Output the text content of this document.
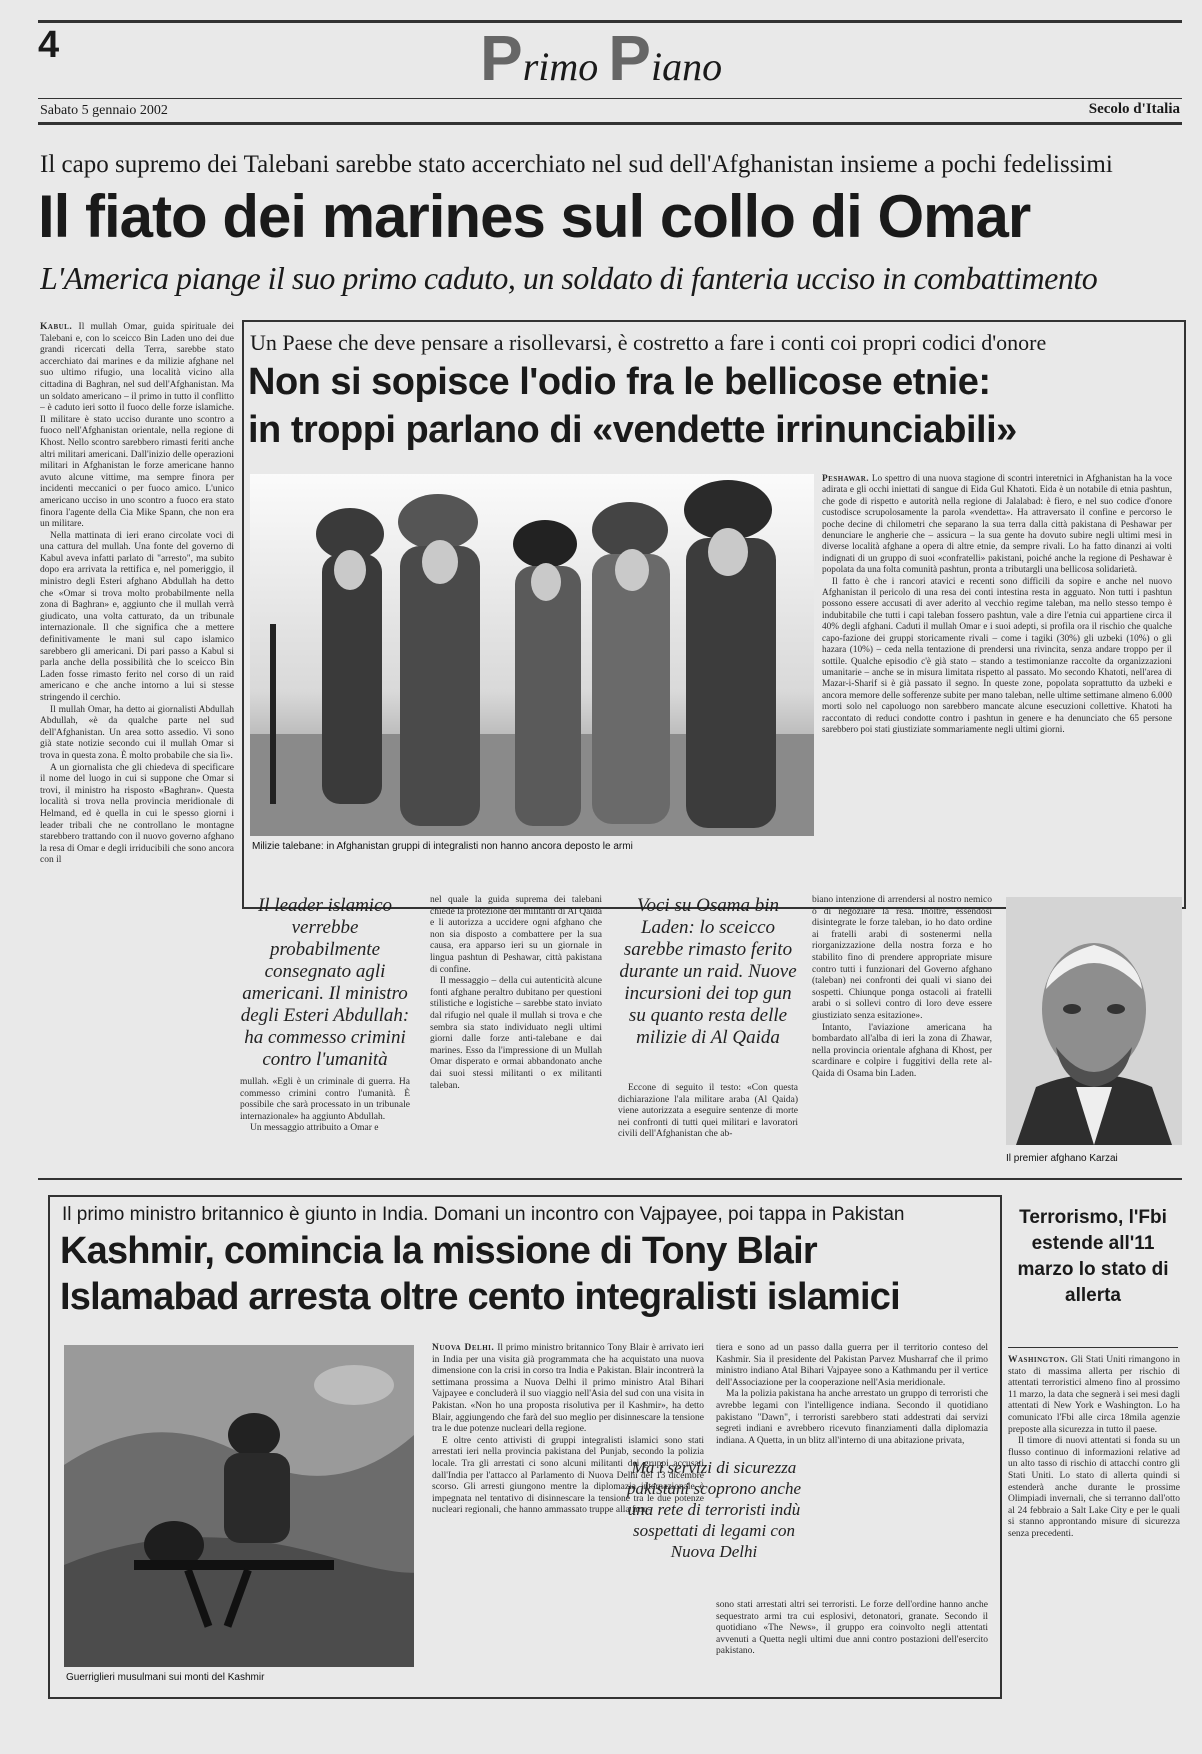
4	Primo Piano
Sabato 5 gennaio 2002	Secolo d'Italia
Il capo supremo dei Talebani sarebbe stato accerchiato nel sud dell'Afghanistan insieme a pochi fedelissimi
Il fiato dei marines sul collo di Omar
L'America piange il suo primo caduto, un soldato di fanteria ucciso in combattimento

Kabul. Il mullah Omar, guida spirituale dei Talebani e, con lo sceicco Bin Laden uno dei due grandi ricercati della Terra, sarebbe stato accerchiato dai marines e da milizie afghane nel suo ultimo rifugio, una località vicino alla cittadina di Baghran, nel sud dell'Afghanistan. Ma un soldato americano – il primo in tutto il conflitto – è caduto ieri sotto il fuoco delle forze islamiche. Il militare è stato ucciso durante uno scontro a fuoco nell'Afghanistan orientale, nella regione di Khost. Nello scontro sarebbero rimasti feriti anche altri militari americani. Dall'inizio delle operazioni militari in Afghanistan le forze americane hanno avuto alcune vittime, ma sempre finora per incidenti meccanici o per fuoco amico. L'unico americano ucciso in uno scontro a fuoco era stato finora l'agente della Cia Mike Spann, che non era un militare.

Nella mattinata di ieri erano circolate voci di una cattura del mullah. Una fonte del governo di Kabul aveva infatti parlato di "arresto", ma subito dopo era arrivata la rettifica e, nel pomeriggio, il ministro degli Esteri afghano Abdullah ha detto che «Omar si trova molto probabilmente nella zona di Baghran» e, aggiunto che il mullah verrà giudicato, una volta catturato, da un tribunale internazionale. Il che significa che a mettere definitivamente le mani sul capo islamico sarebbero gli americani. Di pari passo a Kabul si parla anche della possibilità che lo sceicco Bin Laden fosse rimasto ferito nel corso di un raid americano e che anche intorno a lui si stesse stringendo il cerchio.

Il mullah Omar, ha detto ai giornalisti Abdullah Abdullah, «è da qualche parte nel sud dell'Afghanistan. Un area sotto assedio. Vi sono già state notizie secondo cui il mullah Omar si trova in questa zona. È molto probabile che sia lì».

A un giornalista che gli chiedeva di specificare il nome del luogo in cui si suppone che Omar si trovi, il ministro ha risposto «Baghran». Questa località si trova nella provincia meridionale di Helmand, ed è quella in cui le spesso giorni i leader tribali che ne controllano le montagne starebbero trattando con il nuovo governo afghano la resa di Omar e degli irriducibili che sono ancora con il

Un Paese che deve pensare a risollevarsi, è costretto a fare i conti coi propri codici d'onore
Non si sopisce l'odio fra le bellicose etnie:
in troppi parlano di «vendette irrinunciabili»
Milizie talebane: in Afghanistan gruppi di integralisti non hanno ancora deposto le armi

Peshawar. Lo spettro di una nuova stagione di scontri interetnici in Afghanistan ha la voce adirata e gli occhi iniettati di sangue di Eida Gul Khatoti. Eida è un notabile di etnia pashtun, che gode di rispetto e autorità nella regione di Jalalabad: è fiero, e nel suo codice d'onore custodisce scrupolosamente la parola «vendetta». Ha attraversato il confine e percorso le poche decine di chilometri che separano la sua terra dalla città pakistana di Peshawar per denunciare le angherie che – assicura – la sua gente ha dovuto subire negli ultimi mesi in diverse località afghane a opera di altre etnie, da sempre rivali. Lo ha fatto dinanzi ai volti indignati di un gruppo di suoi «confratelli» pakistani, poiché anche la regione di Peshawar è popolata da una folta comunità pashtun, pronta a tributargli una bellicosa solidarietà.

Il fatto è che i rancori atavici e recenti sono difficili da sopire e anche nel nuovo Afghanistan il pericolo di una resa dei conti intestina resta in agguato. Non tutti i pashtun possono essere accusati di aver aderito al vecchio regime taleban, ma nello stesso tempo è indubitabile che tutti i capi taleban fossero pashtun, vale a dire l'etnia cui appartiene circa il 40% degli afghani. Caduti il mullah Omar e i suoi adepti, si profila ora il rischio che qualche capo-fazione dei gruppi storicamente rivali – come i tagiki (30%) gli uzbeki (10%) o gli hazara (10%) – ceda nella tentazione di prendersi una rivincita, senza andare troppo per il sottile. Qualche episodio c'è già stato – stando a testimonianze raccolte da organizzazioni umanitarie – anche se in misura limitata rispetto al passato. Mo secondo Khatoti, nell'area di Mazar-i-Sharif si è già passato il segno. In queste zone, popolata soprattutto da uzbeki e ancora memore delle sofferenze subite per mano taleban, nelle ultime settimane almeno 6.000 morti solo nel capoluogo non sarebbero mancate alcune esecuzioni collettive. Khatoti ha raccontato di reduci condotte contro i pashtun in genere e ha denunciato che 65 persone sarebbero poi stati giustiziate sommariamente negli ultimi giorni.

Il leader islamico verrebbe probabilmente consegnato agli americani. Il ministro degli Esteri Abdullah: ha commesso crimini contro l'umanità

mullah. «Egli è un criminale di guerra. Ha commesso crimini contro l'umanità. È possibile che sarà processato in un tribunale internazionale» ha aggiunto Abdullah.

Un messaggio attribuito a Omar e

nel quale la guida suprema dei talebani chiede la protezione dei militanti di Al Qaida e li autorizza a uccidere ogni afghano che non sia disposto a combattere per la sua causa, era apparso ieri su un giornale in lingua pashtun di Peshawar, città pakistana di confine.

Il messaggio – della cui autenticità alcune fonti afghane peraltro dubitano per questioni stilistiche e logistiche – sarebbe stato inviato dal rifugio nel quale il mullah si trova e che sembra sia stato individuato negli ultimi giorni dalle forze anti-talebane e dai marines. Esso da l'impressione di un Mullah Omar disperato e ormai abbandonato anche dai suoi stessi militanti o ex militanti taleban.

Voci su Osama bin Laden: lo sceicco sarebbe rimasto ferito durante un raid. Nuove incursioni dei top gun su quanto resta delle milizie di Al Qaida

Eccone di seguito il testo: «Con questa dichiarazione l'ala militare araba (Al Qaida) viene autorizzata a eseguire sentenze di morte nei confronti di tutti quei militari e lavoratori civili dell'Afghanistan che ab-

biano intenzione di arrendersi al nostro nemico o di negoziare la resa. Inoltre, essendosi disintegrate le forze taleban, io ho dato ordine ai fratelli arabi di sostenermi nella riorganizzazione della nostra forza e ho stabilito fino di prendere appropriate misure contro tutti i funzionari del Governo afghano (taleban) nei confronti dei quali vi siano dei sospetti. Chiunque ponga ostacoli ai fratelli arabi o si sollevi contro di loro deve essere giustiziato senza esitazione».

Intanto, l'aviazione americana ha bombardato all'alba di ieri la zona di Zhawar, nella provincia orientale afghana di Khost, per scardinare e colpire i fuggitivi della rete al-Qaida di Osama bin Laden.

Il premier afghano Karzai
Il primo ministro britannico è giunto in India. Domani un incontro con Vajpayee, poi tappa in Pakistan
Kashmir, comincia la missione di Tony Blair
Islamabad arresta oltre cento integralisti islamici
Guerriglieri musulmani sui monti del Kashmir

Nuova Delhi. Il primo ministro britannico Tony Blair è arrivato ieri in India per una visita già programmata che ha acquistato una nuova dimensione con la crisi in corso tra India e Pakistan. Blair incontrerà la settimana prossima a Nuova Delhi il primo ministro Atal Bihari Vajpayee e concluderà il suo viaggio nell'Asia del sud con una visita in Pakistan. «Non ho una proposta risolutiva per il Kashmir», ha detto Blair, aggiungendo che farà del suo meglio per disinnescare la tensione tra le due potenze nucleari della regione.

E oltre cento attivisti di gruppi integralisti islamici sono stati arrestati ieri nella provincia pakistana del Punjab, secondo la polizia locale. Tra gli arrestati ci sono alcuni militanti dei gruppi accusati dall'India per l'attacco al Parlamento di Nuova Delhi del 13 dicembre scorso. Gli arresti giungono mentre la diplomazia internazionale è impegnata nel tentativo di disinnescare la tensione tra le due potenze nucleari regionali, che hanno ammassato truppe alla fron-

tiera e sono ad un passo dalla guerra per il territorio conteso del Kashmir. Sia il presidente del Pakistan Parvez Musharraf che il primo ministro indiano Atal Bihari Vajpayee sono a Kathmandu per il vertice dell'Associazione per la cooperazione nell'Asia meridionale.

Ma la polizia pakistana ha anche arrestato un gruppo di terroristi che avrebbe legami con l'intelligence indiana. Secondo il quotidiano pakistano "Dawn", i terroristi sarebbero stati addestrati dai servizi segreti indiani e avrebbero ricevuto finanziamenti dalla diplomazia indiana. A Quetta, in un blitz all'interno di una abitazione privata,

Ma i servizi di sicurezza pakistani scoprono anche una rete di terroristi indù sospettati di legami con Nuova Delhi

sono stati arrestati altri sei terroristi. Le forze dell'ordine hanno anche sequestrato armi tra cui esplosivi, detonatori, granate. Secondo il quotidiano «The News», il gruppo era coinvolto negli attentati avvenuti a Quetta negli ultimi due anni contro postazioni dell'esercito pakistano.

Terrorismo, l'Fbi estende all'11 marzo lo stato di allerta

Washington. Gli Stati Uniti rimangono in stato di massima allerta per rischio di attentati terroristici almeno fino al prossimo 11 marzo, la data che segnerà i sei mesi dagli attentati di New York e Washington. Lo ha comunicato l'Fbi alle circa 18mila agenzie preposte alla sicurezza in tutto il paese.

Il timore di nuovi attentati si fonda su un flusso continuo di informazioni relative ad un alto tasso di rischio di attacchi contro gli Stati Uniti. Lo stato di allerta quindi si estenderà anche durante le prossime Olimpiadi invernali, che si terranno dall'otto al 24 febbraio a Salt Lake City e per le quali si stanno approntando misure di sicurezza senza precedenti.
